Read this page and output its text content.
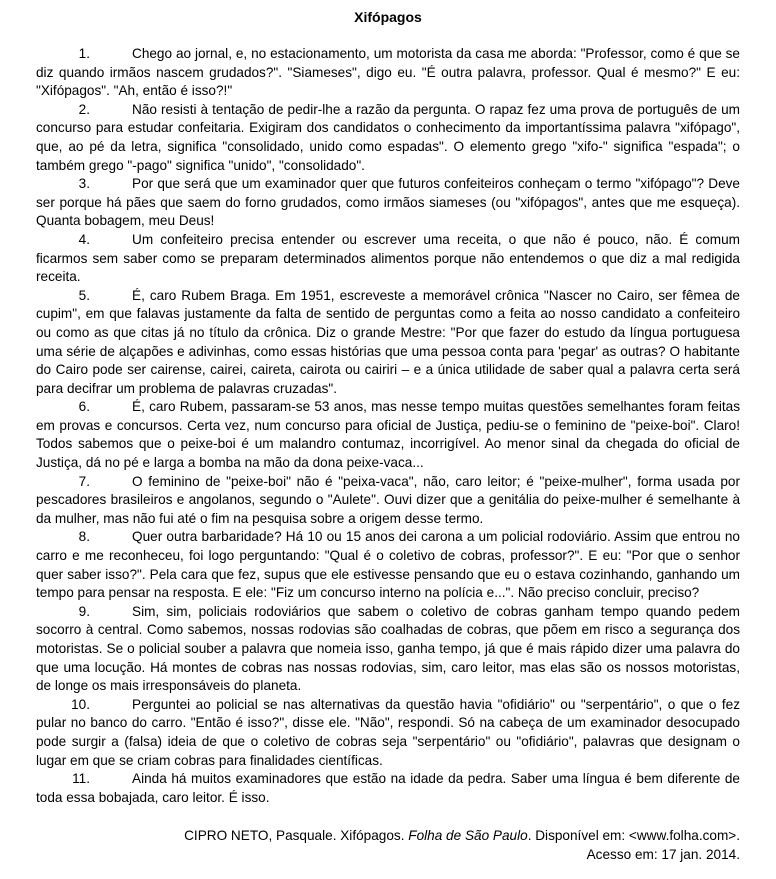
Xifópagos

1.	Chego ao jornal, e, no estacionamento, um motorista da casa me aborda: "Professor, como é que se diz quando irmãos nascem grudados?". "Siameses", digo eu. "É outra palavra, professor. Qual é mesmo?" E eu: "Xifópagos". "Ah, então é isso?!"

2.	Não resisti à tentação de pedir-lhe a razão da pergunta. O rapaz fez uma prova de português de um concurso para estudar confeitaria. Exigiram dos candidatos o conhecimento da importantíssima palavra "xifópago", que, ao pé da letra, significa "consolidado, unido como espadas". O elemento grego "xifo-" significa "espada"; o também grego "-pago" significa "unido", "consolidado".

3.	Por que será que um examinador quer que futuros confeiteiros conheçam o termo "xifópago"? Deve ser porque há pães que saem do forno grudados, como irmãos siameses (ou "xifópagos", antes que me esqueça). Quanta bobagem, meu Deus!

4.	Um confeiteiro precisa entender ou escrever uma receita, o que não é pouco, não. É comum ficarmos sem saber como se preparam determinados alimentos porque não entendemos o que diz a mal redigida receita.

5.	É, caro Rubem Braga. Em 1951, escreveste a memorável crônica "Nascer no Cairo, ser fêmea de cupim", em que falavas justamente da falta de sentido de perguntas como a feita ao nosso candidato a confeiteiro ou como as que citas já no título da crônica. Diz o grande Mestre: "Por que fazer do estudo da língua portuguesa uma série de alçapões e adivinhas, como essas histórias que uma pessoa conta para 'pegar' as outras? O habitante do Cairo pode ser cairense, cairei, caireta, cairota ou cairiri – e a única utilidade de saber qual a palavra certa será para decifrar um problema de palavras cruzadas".

6.	É, caro Rubem, passaram-se 53 anos, mas nesse tempo muitas questões semelhantes foram feitas em provas e concursos. Certa vez, num concurso para oficial de Justiça, pediu-se o feminino de "peixe-boi". Claro! Todos sabemos que o peixe-boi é um malandro contumaz, incorrigível. Ao menor sinal da chegada do oficial de Justiça, dá no pé e larga a bomba na mão da dona peixe-vaca...

7.	O feminino de "peixe-boi" não é "peixa-vaca", não, caro leitor; é "peixe-mulher", forma usada por pescadores brasileiros e angolanos, segundo o "Aulete". Ouvi dizer que a genitália do peixe-mulher é semelhante à da mulher, mas não fui até o fim na pesquisa sobre a origem desse termo.

8.	Quer outra barbaridade? Há 10 ou 15 anos dei carona a um policial rodoviário. Assim que entrou no carro e me reconheceu, foi logo perguntando: "Qual é o coletivo de cobras, professor?". E eu: "Por que o senhor quer saber isso?". Pela cara que fez, supus que ele estivesse pensando que eu o estava cozinhando, ganhando um tempo para pensar na resposta. E ele: "Fiz um concurso interno na polícia e...". Não preciso concluir, preciso?

9.	Sim, sim, policiais rodoviários que sabem o coletivo de cobras ganham tempo quando pedem socorro à central. Como sabemos, nossas rodovias são coalhadas de cobras, que põem em risco a segurança dos motoristas. Se o policial souber a palavra que nomeia isso, ganha tempo, já que é mais rápido dizer uma palavra do que uma locução. Há montes de cobras nas nossas rodovias, sim, caro leitor, mas elas são os nossos motoristas, de longe os mais irresponsáveis do planeta.

10.	Perguntei ao policial se nas alternativas da questão havia "ofidiário" ou "serpentário", o que o fez pular no banco do carro. "Então é isso?", disse ele. "Não", respondi. Só na cabeça de um examinador desocupado pode surgir a (falsa) ideia de que o coletivo de cobras seja "serpentário" ou "ofidiário", palavras que designam o lugar em que se criam cobras para finalidades científicas.

11.	Ainda há muitos examinadores que estão na idade da pedra. Saber uma língua é bem diferente de toda essa bobajada, caro leitor. É isso.

CIPRO NETO, Pasquale. Xifópagos. Folha de São Paulo. Disponível em: <www.folha.com>.
Acesso em: 17 jan. 2014.
